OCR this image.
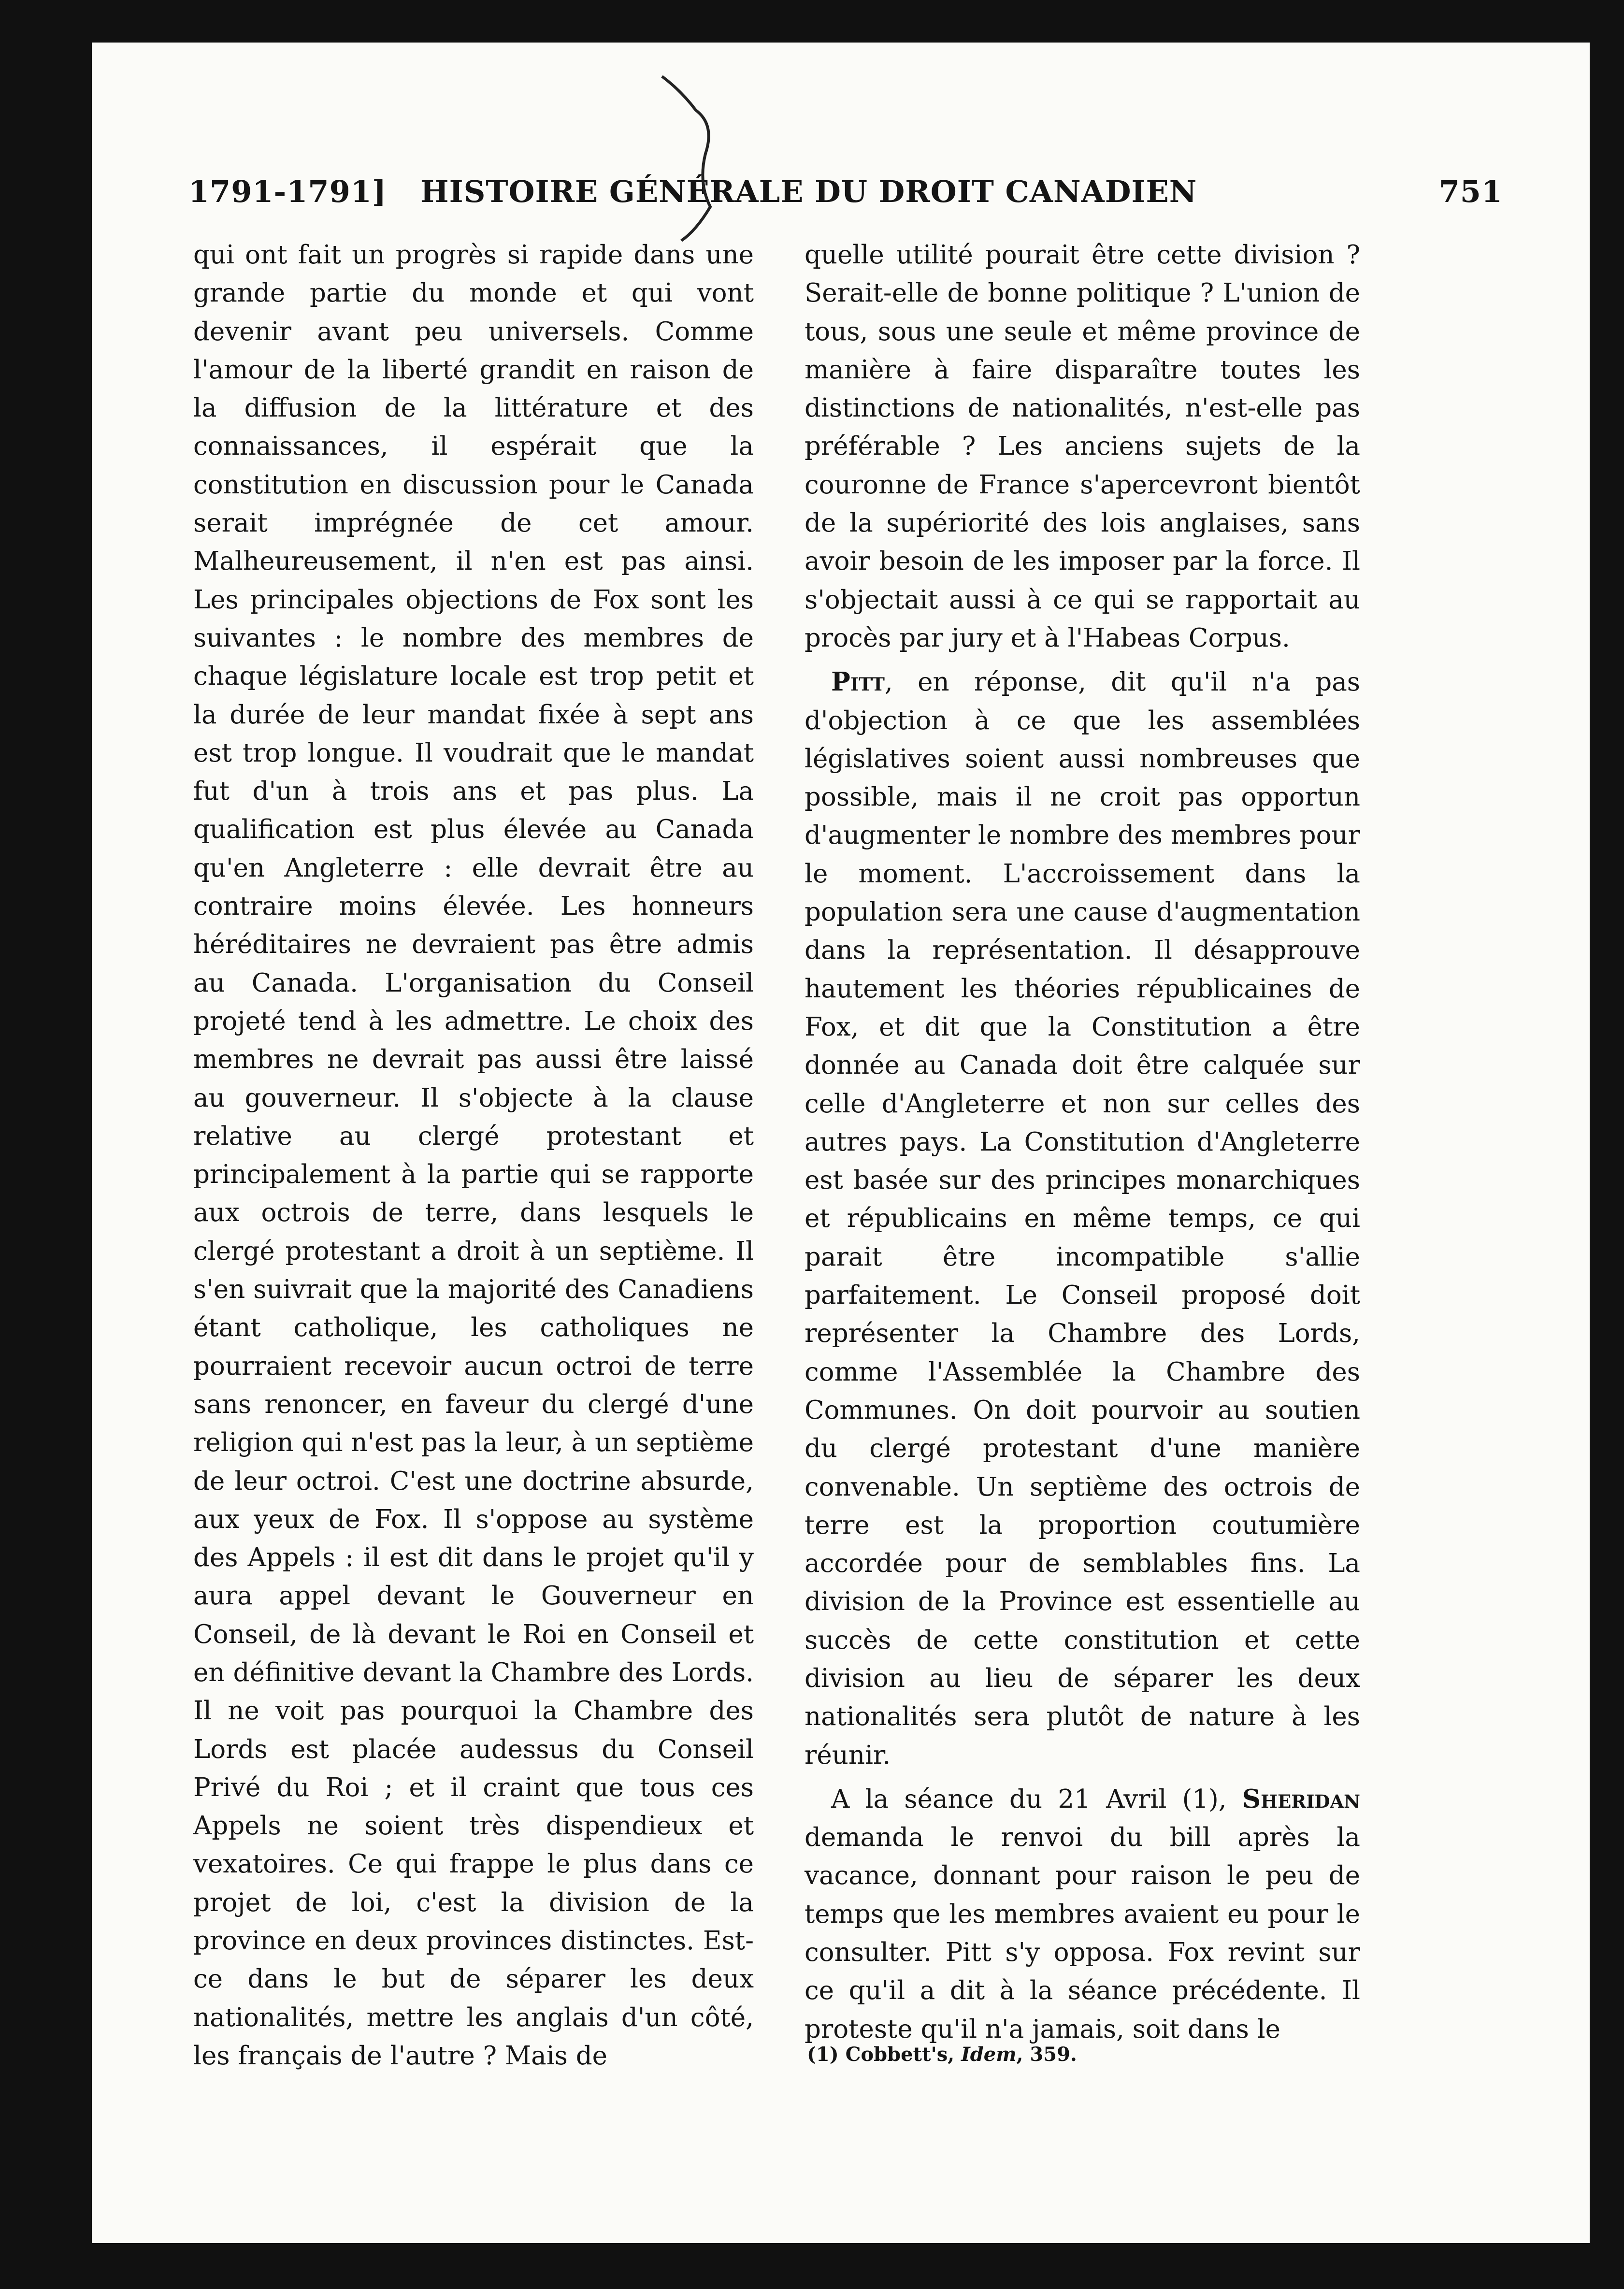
1791-1791] HISTOIRE GÉNÉRALE DU DROIT CANADIEN	751

qui ont fait un progrès si rapide dans une grande partie du monde et qui vont devenir avant peu universels. Comme l'amour de la liberté grandit en raison de la diffusion de la littérature et des connaissances, il espérait que la constitution en discussion pour le Canada serait imprégnée de cet amour. Malheureusement, il n'en est pas ainsi. Les principales objections de Fox sont les suivantes : le nombre des membres de chaque législature locale est trop petit et la durée de leur mandat fixée à sept ans est trop longue. Il voudrait que le mandat fut d'un à trois ans et pas plus. La qualification est plus élevée au Canada qu'en Angleterre : elle devrait être au contraire moins élevée. Les honneurs héréditaires ne devraient pas être admis au Canada. L'organisation du Conseil projeté tend à les admettre. Le choix des membres ne devrait pas aussi être laissé au gouverneur. Il s'objecte à la clause relative au clergé protestant et principalement à la partie qui se rapporte aux octrois de terre, dans lesquels le clergé protestant a droit à un septième. Il s'en suivrait que la majorité des Canadiens étant catholique, les catholiques ne pourraient recevoir aucun octroi de terre sans renoncer, en faveur du clergé d'une religion qui n'est pas la leur, à un septième de leur octroi. C'est une doctrine absurde, aux yeux de Fox. Il s'oppose au système des Appels : il est dit dans le projet qu'il y aura appel devant le Gouverneur en Conseil, de là devant le Roi en Conseil et en définitive devant la Chambre des Lords. Il ne voit pas pourquoi la Chambre des Lords est placée audessus du Conseil Privé du Roi ; et il craint que tous ces Appels ne soient très dispendieux et vexatoires. Ce qui frappe le plus dans ce projet de loi, c'est la division de la province en deux provinces distinctes. Est-ce dans le but de séparer les deux nationalités, mettre les anglais d'un côté, les français de l'autre ? Mais de

quelle utilité pourait être cette division ? Serait-elle de bonne politique ? L'union de tous, sous une seule et même province de manière à faire disparaître toutes les distinctions de nationalités, n'est-elle pas préférable ? Les anciens sujets de la couronne de France s'apercevront bientôt de la supériorité des lois anglaises, sans avoir besoin de les imposer par la force. Il s'objectait aussi à ce qui se rapportait au procès par jury et à l'Habeas Corpus.

Pitt, en réponse, dit qu'il n'a pas d'objection à ce que les assemblées législatives soient aussi nombreuses que possible, mais il ne croit pas opportun d'augmenter le nombre des membres pour le moment. L'accroissement dans la population sera une cause d'augmentation dans la représentation. Il désapprouve hautement les théories républicaines de Fox, et dit que la Constitution a être donnée au Canada doit être calquée sur celle d'Angleterre et non sur celles des autres pays. La Constitution d'Angleterre est basée sur des principes monarchiques et républicains en même temps, ce qui parait être incompatible s'allie parfaitement. Le Conseil proposé doit représenter la Chambre des Lords, comme l'Assemblée la Chambre des Communes. On doit pourvoir au soutien du clergé protestant d'une manière convenable. Un septième des octrois de terre est la proportion coutumière accordée pour de semblables fins. La division de la Province est essentielle au succès de cette constitution et cette division au lieu de séparer les deux nationalités sera plutôt de nature à les réunir.

A la séance du 21 Avril (1), Sheridan demanda le renvoi du bill après la vacance, donnant pour raison le peu de temps que les membres avaient eu pour le consulter. Pitt s'y opposa. Fox revint sur ce qu'il a dit à la séance précédente. Il proteste qu'il n'a jamais, soit dans le

(1) Cobbett's, Idem, 359.
